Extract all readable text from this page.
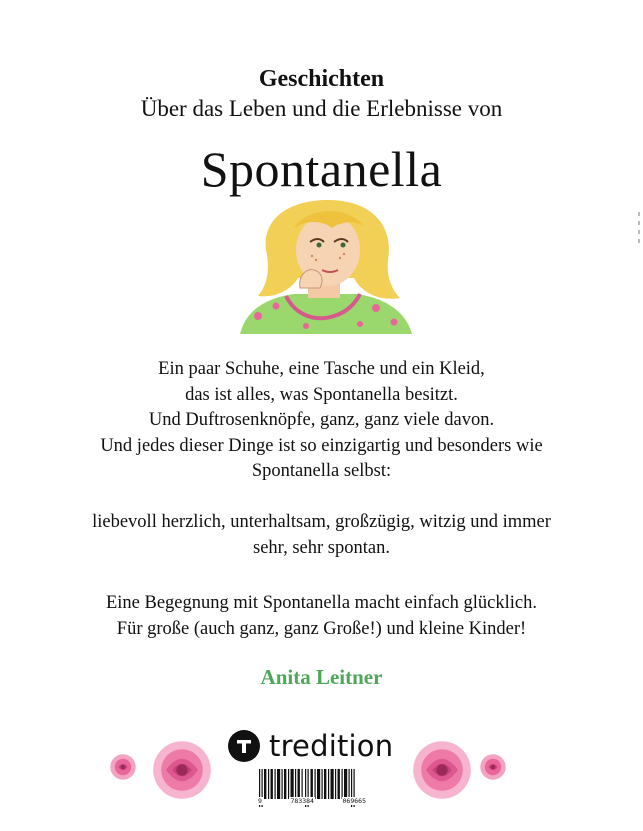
Geschichten
Über das Leben und die Erlebnisse von
Spontanella

Ein paar Schuhe, eine Tasche und ein Kleid,

das ist alles, was Spontanella besitzt.

Und Duftrosenknöpfe, ganz, ganz viele davon.

Und jedes dieser Dinge ist so einzigartig und besonders wie

Spontanella selbst:

liebevoll herzlich, unterhaltsam, großzügig, witzig und immer

sehr, sehr spontan.

Eine Begegnung mit Spontanella macht einfach glücklich.

Für große (auch ganz, ganz Große!) und kleine Kinder!

Anita Leitner
tredition
9	783384	069665
